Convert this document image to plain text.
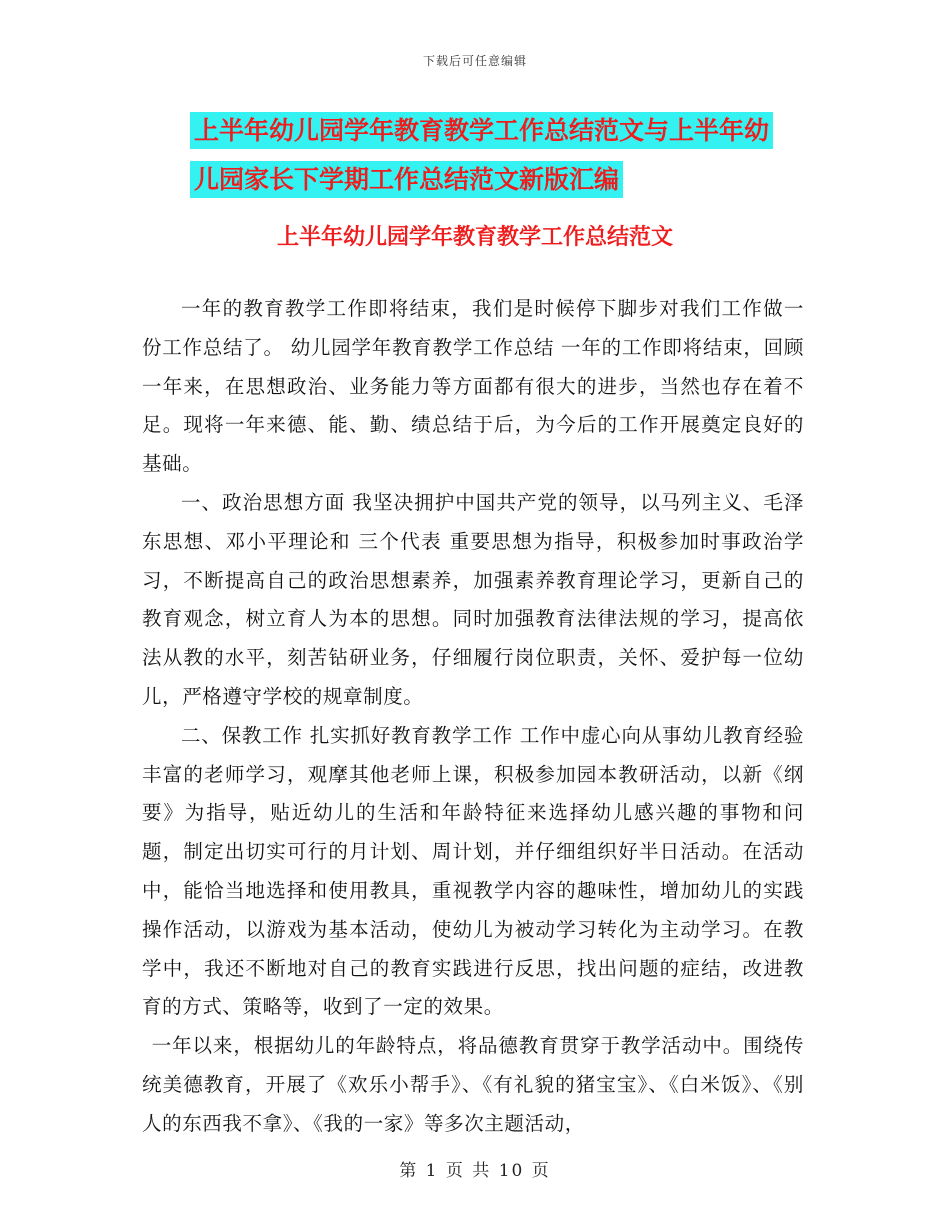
下载后可任意编辑
上半年幼儿园学年教育教学工作总结范文与上半年幼
儿园家长下学期工作总结范文新版汇编
上半年幼儿园学年教育教学工作总结范文

一年的教育教学工作即将结束，我们是时候停下脚步对我们工作做一份工作总结了。 幼儿园学年教育教学工作总结 一年的工作即将结束，回顾一年来，在思想政治、业务能力等方面都有很大的进步，当然也存在着不足。现将一年来德、能、勤、绩总结于后，为今后的工作开展奠定良好的基础。

一、政治思想方面 我坚决拥护中国共产党的领导，以马列主义、毛泽东思想、邓小平理论和 三个代表 重要思想为指导，积极参加时事政治学习，不断提高自己的政治思想素养，加强素养教育理论学习，更新自己的教育观念，树立育人为本的思想。同时加强教育法律法规的学习，提高依法从教的水平，刻苦钻研业务，仔细履行岗位职责，关怀、爱护每一位幼儿，严格遵守学校的规章制度。

二、保教工作 扎实抓好教育教学工作 工作中虚心向从事幼儿教育经验丰富的老师学习，观摩其他老师上课，积极参加园本教研活动，以新《纲要》为指导，贴近幼儿的生活和年龄特征来选择幼儿感兴趣的事物和问题，制定出切实可行的月计划、周计划，并仔细组织好半日活动。在活动中，能恰当地选择和使用教具，重视教学内容的趣味性，增加幼儿的实践操作活动，以游戏为基本活动，使幼儿为被动学习转化为主动学习。在教学中，我还不断地对自己的教育实践进行反思，找出问题的症结，改进教育的方式、策略等，收到了一定的效果。

一年以来，根据幼儿的年龄特点，将品德教育贯穿于教学活动中。围绕传统美德教育，开展了《欢乐小帮手》、《有礼貌的猪宝宝》、《白米饭》、《别人的东西我不拿》、《我的一家》等多次主题活动，

第 1 页 共 10 页
